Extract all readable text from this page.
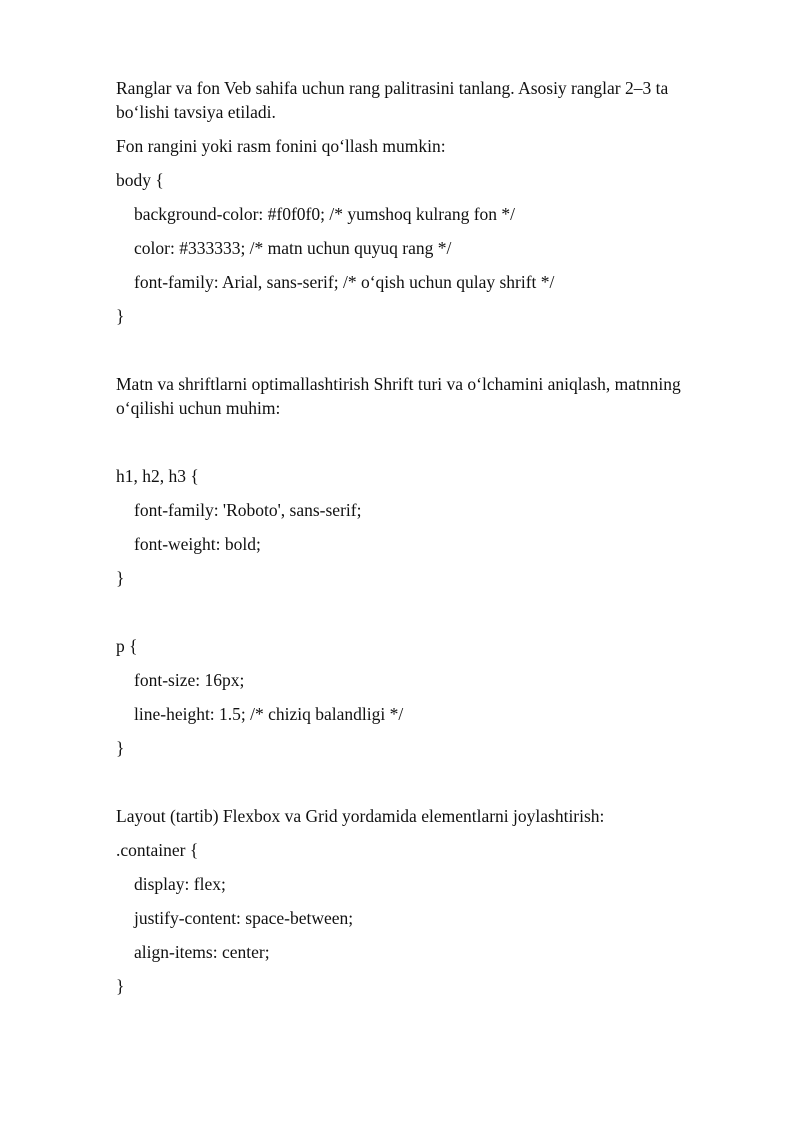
Ranglar va fon Veb sahifa uchun rang palitrasini tanlang. Asosiy ranglar 2–3 ta

bo‘lishi tavsiya etiladi.

Fon rangini yoki rasm fonini qo‘llash mumkin:

body {

background-color: #f0f0f0; /* yumshoq kulrang fon */

color: #333333; /* matn uchun quyuq rang */

font-family: Arial, sans-serif; /* o‘qish uchun qulay shrift */

}

Matn va shriftlarni optimallashtirish Shrift turi va o‘lchamini aniqlash, matnning

o‘qilishi uchun muhim:

h1, h2, h3 {

font-family: 'Roboto', sans-serif;

font-weight: bold;

}

p {

font-size: 16px;

line-height: 1.5; /* chiziq balandligi */

}

Layout (tartib) Flexbox va Grid yordamida elementlarni joylashtirish:

.container {

display: flex;

justify-content: space-between;

align-items: center;

}
